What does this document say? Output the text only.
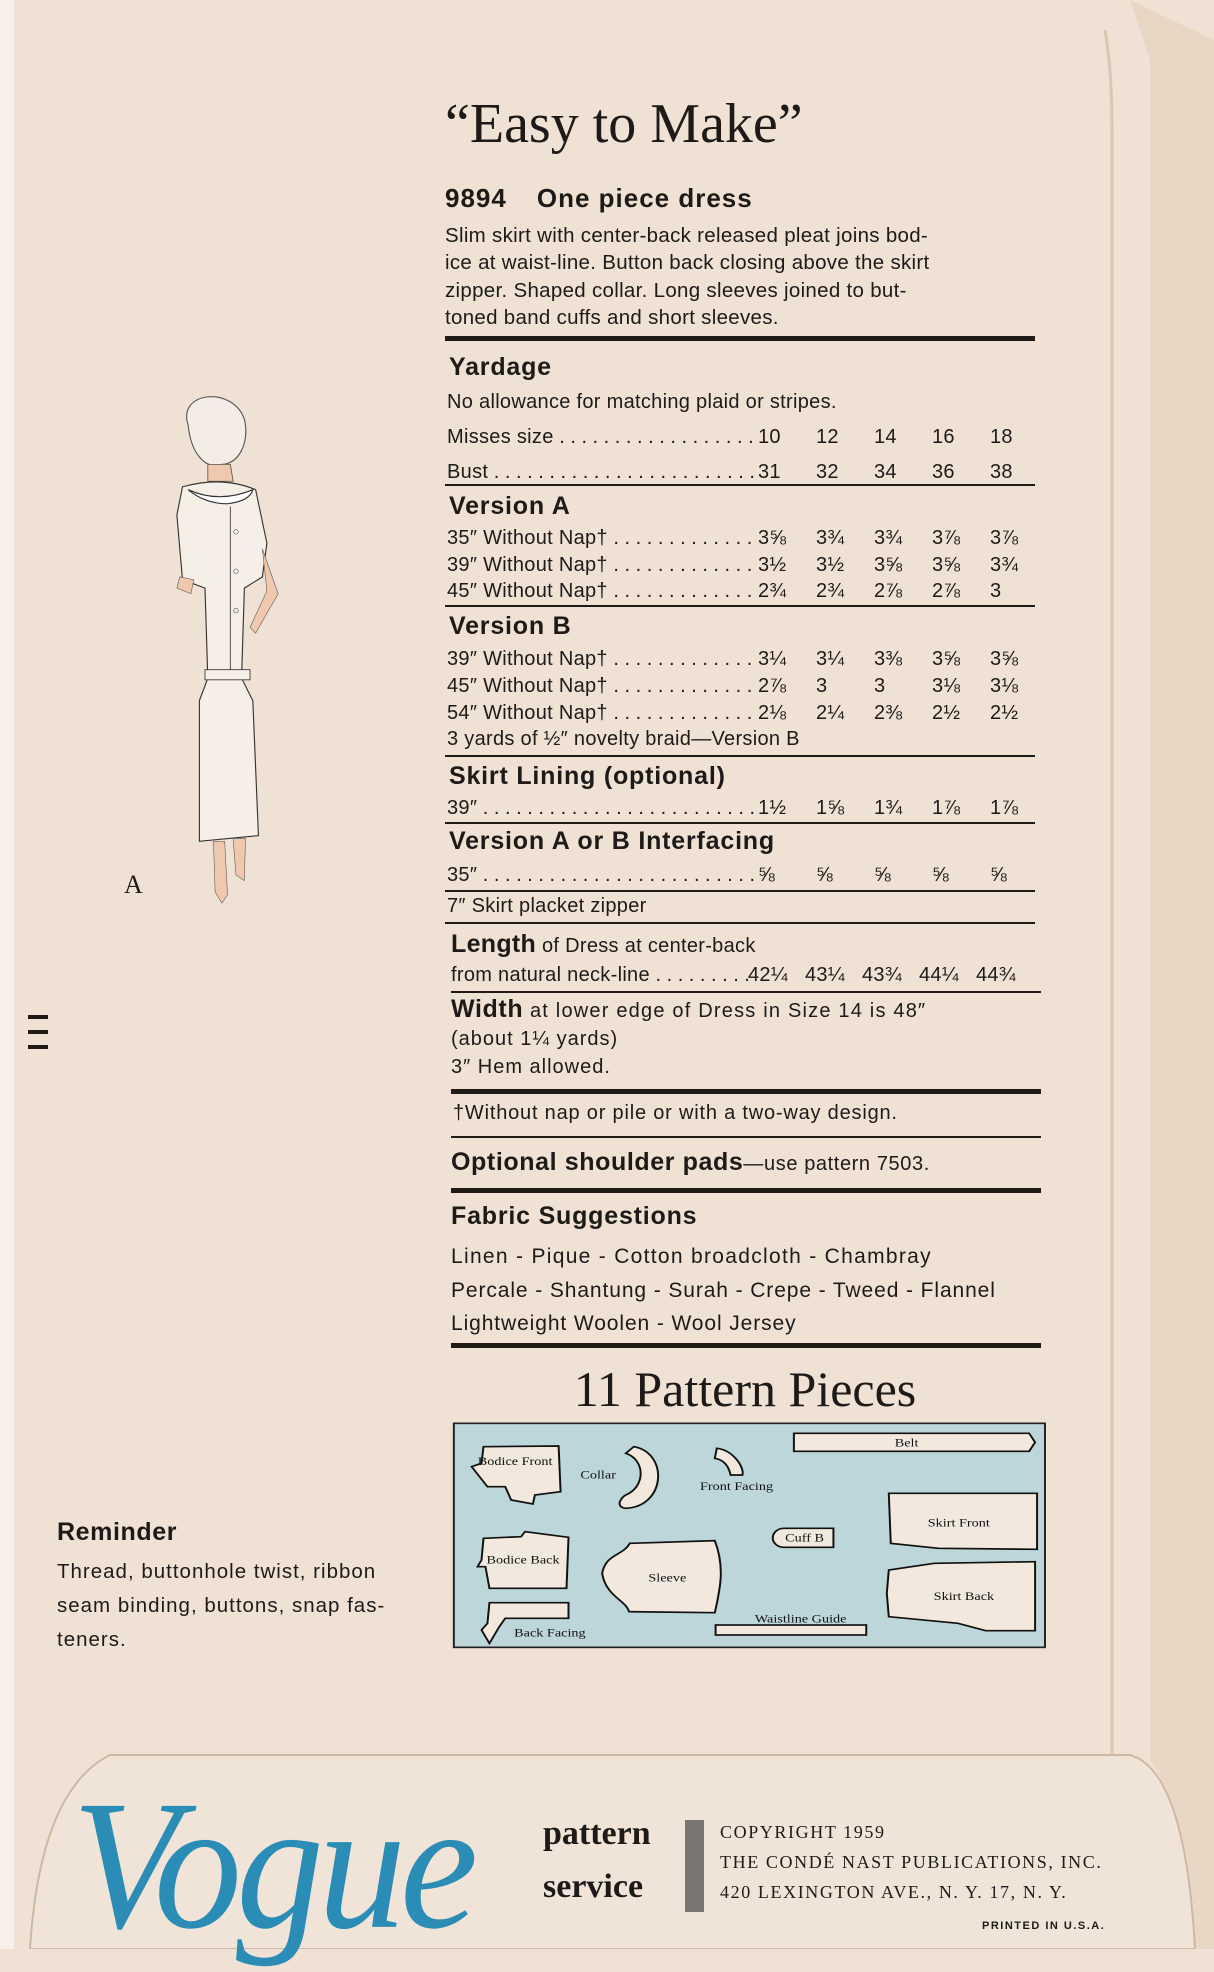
A
“Easy to Make”
9894 One piece dress
Slim skirt with center-back released pleat joins bod-
ice at waist-line. Button back closing above the skirt
zipper. Shaped collar. Long sleeves joined to but-
toned band cuffs and short sleeves.
Yardage
No allowance for matching plaid or stripes.
Misses size . . .	10	12	14	16	18
Bust . . .	31	32	34	36	38
Version A
35″ Without Nap† . . .	3⅝	3¾	3¾	3⅞	3⅞
39″ Without Nap† . . .	3½	3½	3⅝	3⅝	3¾
45″ Without Nap† . . .	2¾	2¾	2⅞	2⅞	3
Version B
39″ Without Nap† . . .	3¼	3¼	3⅜	3⅝	3⅝
45″ Without Nap† . . .	2⅞	3	3	3⅛	3⅛
54″ Without Nap† . . .	2⅛	2¼	2⅜	2½	2½
3 yards of ½″ novelty braid—Version B
Skirt Lining (optional)
39″ . . .	1½	1⅝	1¾	1⅞	1⅞
Version A or B Interfacing
35″ . . .	⅝	⅝	⅝	⅝	⅝
7″ Skirt placket zipper
Length of Dress at center-back
from natural neck-line . . .	42¼ 43¼ 43¾ 44¼ 44¾
Width at lower edge of Dress in Size 14 is 48″
(about 1¼ yards)
3″ Hem allowed.
†Without nap or pile or with a two-way design.
Optional shoulder pads—use pattern 7503.
Fabric Suggestions
Linen - Pique - Cotton broadcloth - Chambray
Percale - Shantung - Surah - Crepe - Tweed - Flannel
Lightweight Woolen - Wool Jersey
11 Pattern Pieces
Bodice Front
Collar
Front Facing
Belt
Skirt Front
Cuff B
Bodice Back
Sleeve
Skirt Back
Waistline Guide
Back Facing
Reminder
Thread, buttonhole twist, ribbon
seam binding, buttons, snap fas-
teners.
Vogue pattern
service
COPYRIGHT 1959
THE CONDÉ NAST PUBLICATIONS, INC.
420 LEXINGTON AVE., N. Y. 17, N. Y.
PRINTED IN U.S.A.
